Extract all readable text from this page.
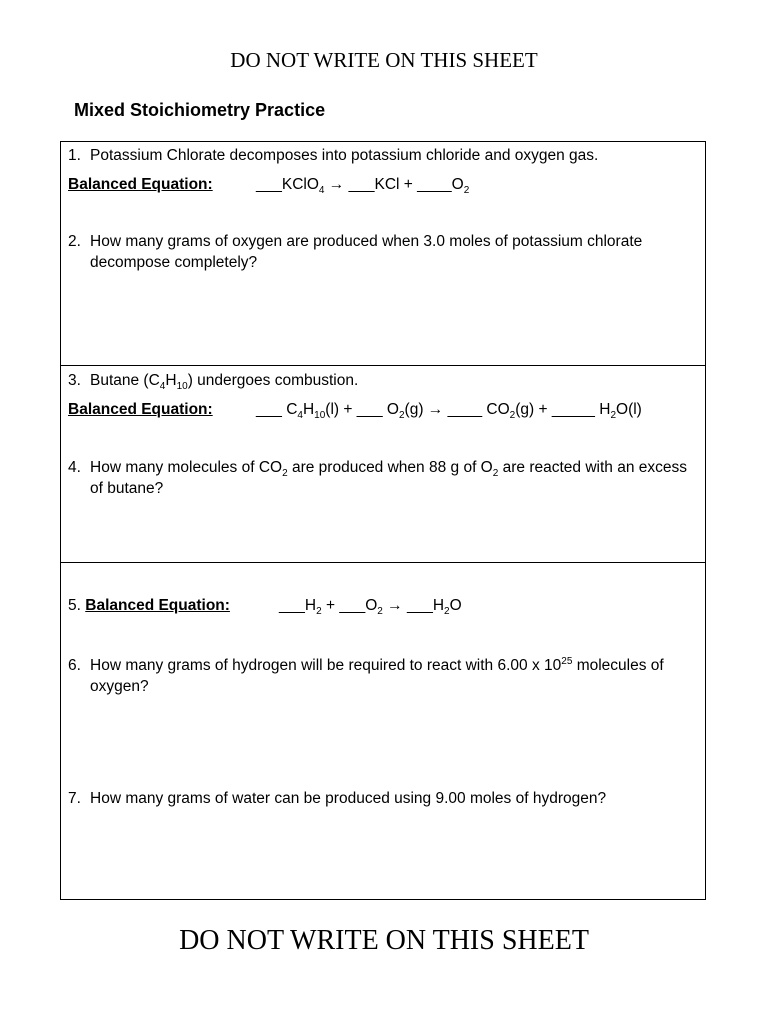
DO NOT WRITE ON THIS SHEET
Mixed Stoichiometry Practice
1. Potassium Chlorate decomposes into potassium chloride and oxygen gas.
Balanced Equation:	___KClO$_4$ → ___KCl + $\_\_\_\_O_2$
2. How many grams of oxygen are produced when 3.0 moles of potassium chlorate decompose completely?
3. Butane $(C_4H_{10})$ undergoes combustion.
Balanced Equation:	___ $C_4H_{10}(l)$ + ___ $O_2(g)$ → ____ $CO_2(g)$ + _____ $H_2O(l)$
4. How many molecules of $CO_2$ are produced when 88 g of $O_2$ are reacted with an excess of butane?
5. Balanced Equation:	$\_\_\_H_2$ + $\_\_\_O_2$ → $\_\_\_H_2O$
6. How many grams of hydrogen will be required to react with 6.00 x $10^{25}$ molecules of oxygen?
7. How many grams of water can be produced using 9.00 moles of hydrogen?
DO NOT WRITE ON THIS SHEET
